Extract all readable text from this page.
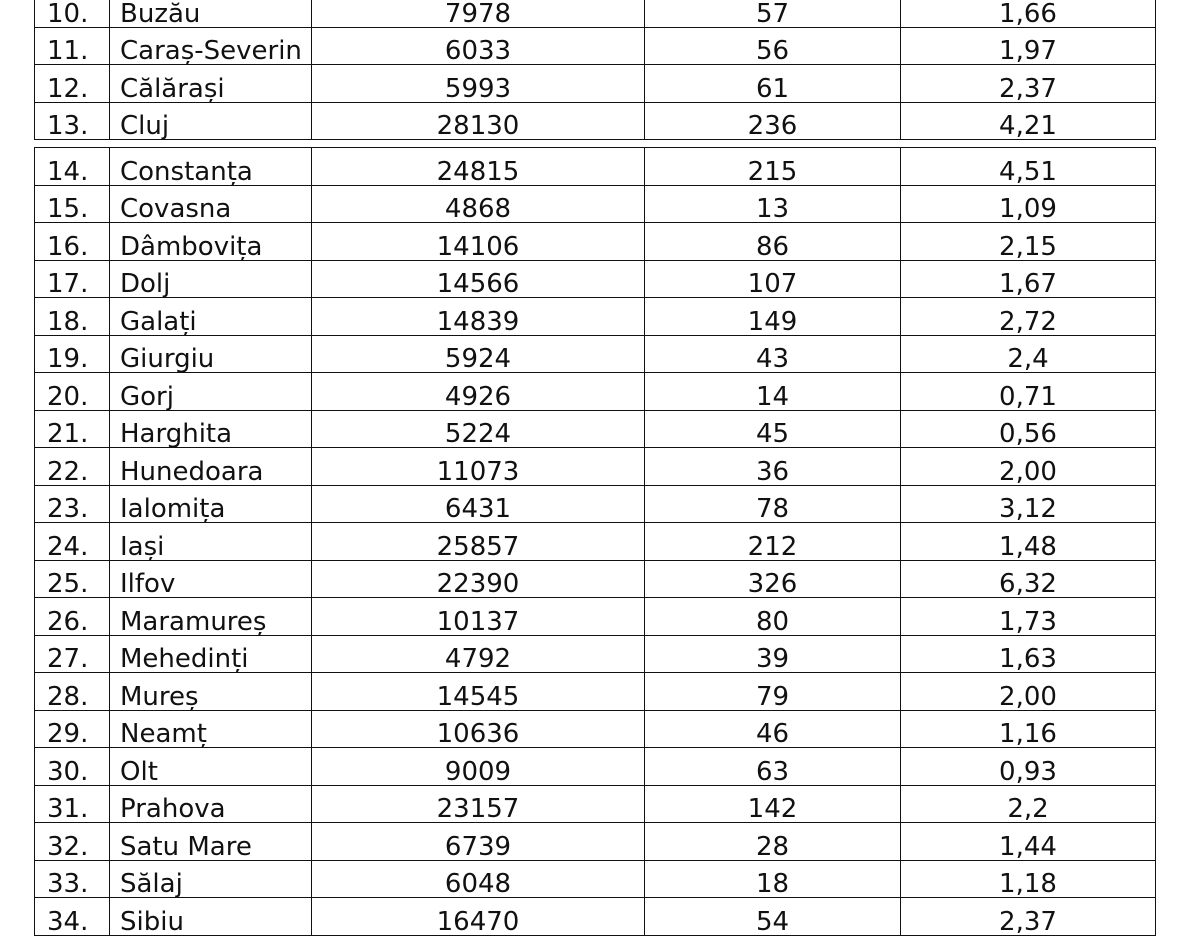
10.	Buzău	7978	57	1,66
11.	Caraș-Severin	6033	56	1,97
12.	Călărași	5993	61	2,37
13.	Cluj	28130	236	4,21
14.	Constanța	24815	215	4,51
15.	Covasna	4868	13	1,09
16.	Dâmbovița	14106	86	2,15
17.	Dolj	14566	107	1,67
18.	Galați	14839	149	2,72
19.	Giurgiu	5924	43	2,4
20.	Gorj	4926	14	0,71
21.	Harghita	5224	45	0,56
22.	Hunedoara	11073	36	2,00
23.	Ialomița	6431	78	3,12
24.	Iași	25857	212	1,48
25.	Ilfov	22390	326	6,32
26.	Maramureș	10137	80	1,73
27.	Mehedinți	4792	39	1,63
28.	Mureș	14545	79	2,00
29.	Neamț	10636	46	1,16
30.	Olt	9009	63	0,93
31.	Prahova	23157	142	2,2
32.	Satu Mare	6739	28	1,44
33.	Sălaj	6048	18	1,18
34.	Sibiu	16470	54	2,37
